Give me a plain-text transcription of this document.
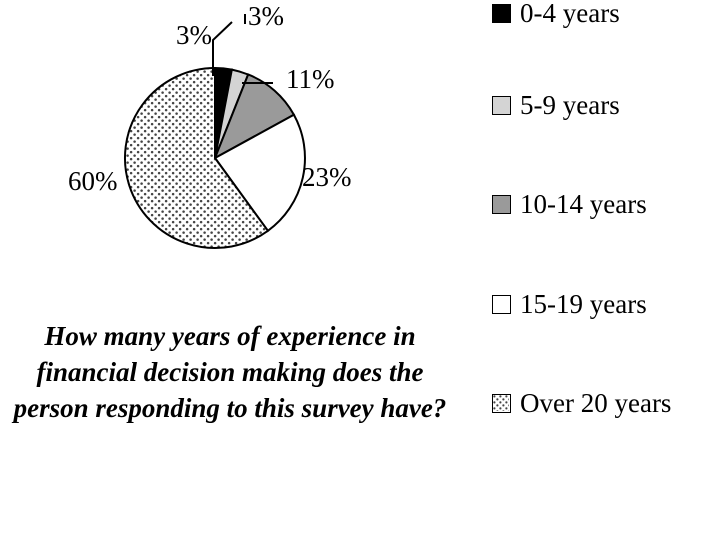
3%
3%
11%
23%
60%
How many years of experience in financial decision making does the person responding to this survey have?
0-4 years
5-9 years
10-14 years
15-19 years
Over 20 years
